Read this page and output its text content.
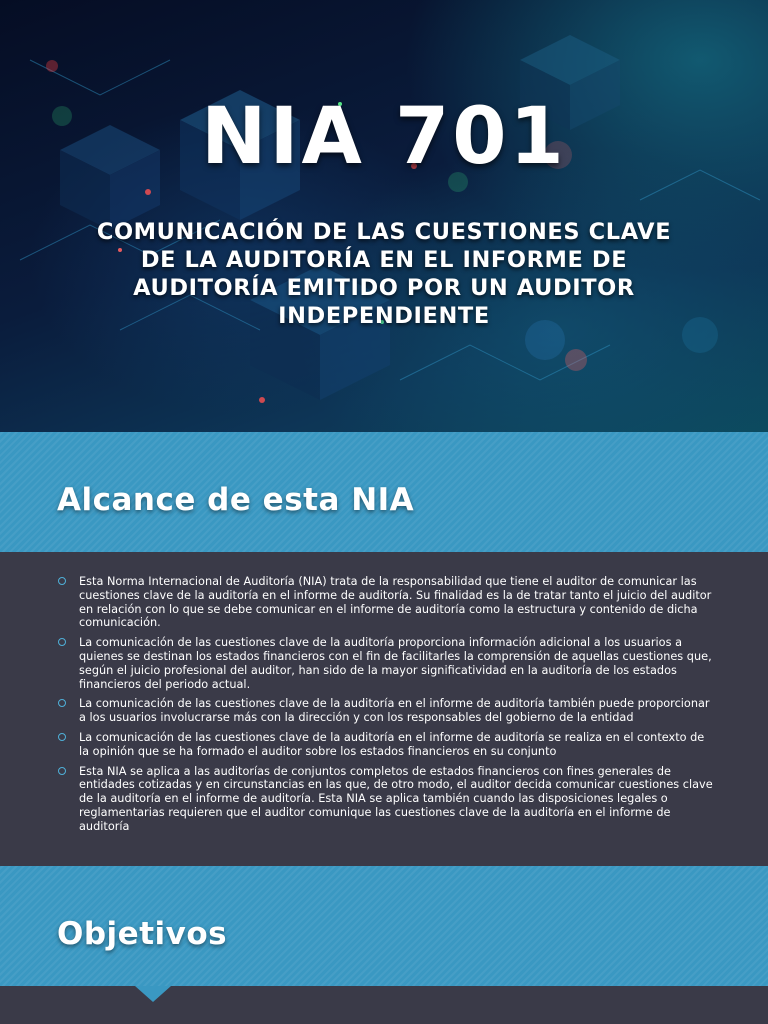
NIA 701
COMUNICACIÓN DE LAS CUESTIONES CLAVE DE LA AUDITORÍA EN EL INFORME DE AUDITORÍA EMITIDO POR UN AUDITOR INDEPENDIENTE
Alcance de esta NIA
Esta Norma Internacional de Auditoría (NIA) trata de la responsabilidad que tiene el auditor de comunicar las cuestiones clave de la auditoría en el informe de auditoría. Su finalidad es la de tratar tanto el juicio del auditor en relación con lo que se debe comunicar en el informe de auditoría como la estructura y contenido de dicha comunicación.
La comunicación de las cuestiones clave de la auditoría proporciona información adicional a los usuarios a quienes se destinan los estados financieros con el fin de facilitarles la comprensión de aquellas cuestiones que, según el juicio profesional del auditor, han sido de la mayor significatividad en la auditoría de los estados financieros del periodo actual.
La comunicación de las cuestiones clave de la auditoría en el informe de auditoría también puede proporcionar a los usuarios involucrarse más con la dirección y con los responsables del gobierno de la entidad
La comunicación de las cuestiones clave de la auditoría en el informe de auditoría se realiza en el contexto de la opinión que se ha formado el auditor sobre los estados financieros en su conjunto
Esta NIA se aplica a las auditorías de conjuntos completos de estados financieros con fines generales de entidades cotizadas y en circunstancias en las que, de otro modo, el auditor decida comunicar cuestiones clave de la auditoría en el informe de auditoría. Esta NIA se aplica también cuando las disposiciones legales o reglamentarias requieren que el auditor comunique las cuestiones clave de la auditoría en el informe de auditoría
Objetivos
